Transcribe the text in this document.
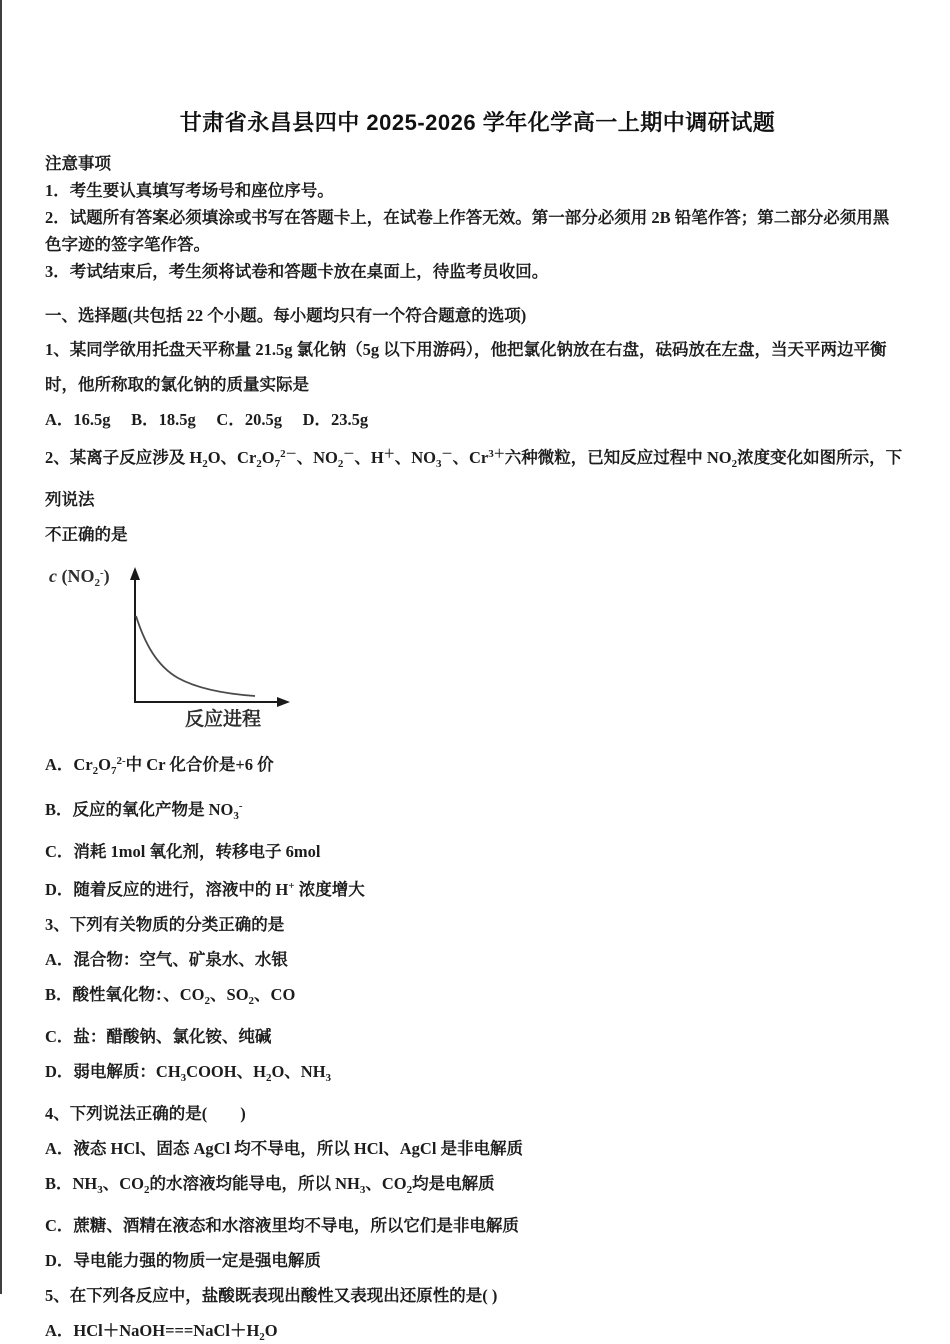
甘肃省永昌县四中 2025-2026 学年化学高一上期中调研试题
注意事项
1．考生要认真填写考场号和座位序号。
2．试题所有答案必须填涂或书写在答题卡上，在试卷上作答无效。第一部分必须用 2B 铅笔作答；第二部分必须用黑
色字迹的签字笔作答。
3．考试结束后，考生须将试卷和答题卡放在桌面上，待监考员收回。
一、选择题(共包括 22 个小题。每小题均只有一个符合题意的选项)
1、某同学欲用托盘天平称量 21.5g 氯化钠（5g 以下用游码），他把氯化钠放在右盘，砝码放在左盘，当天平两边平衡
时，他所称取的氯化钠的质量实际是
A．16.5g　 B．18.5g　 C．20.5g　 D．23.5g
2、某离子反应涉及 $H_2O$、$Cr_2O_7^{2-}$、$NO_2^-$、H＋、$NO_3^-$、$Cr^{3+}$六种微粒，已知反应过程中 $NO_2$浓度变化如图所示，下列说法
不正确的是
c $(NO_2^-)$
反应进程
A．$Cr_2O_7^{2-}$中 Cr 化合价是+6 价
B．反应的氧化产物是 $NO_3^-$
C．消耗 1mol 氧化剂，转移电子 6mol
D．随着反应的进行，溶液中的 H+ 浓度增大
3、下列有关物质的分类正确的是
A．混合物：空气、矿泉水、水银
B．酸性氧化物：、$CO_2$、$SO_2$、CO
C．盐：醋酸钠、氯化铵、纯碱
D．弱电解质：$CH_3COOH$、$H_2O$、$NH_3$
4、下列说法正确的是(　　)
A．液态 HCl、固态 AgCl 均不导电，所以 HCl、AgCl 是非电解质
B．$NH_3$、$CO_2$的水溶液均能导电，所以 $NH_3$、$CO_2$均是电解质
C．蔗糖、酒精在液态和水溶液里均不导电，所以它们是非电解质
D．导电能力强的物质一定是强电解质
5、在下列各反应中，盐酸既表现出酸性又表现出还原性的是( )
A．$HCl+NaOH===NaCl+H_2O$
